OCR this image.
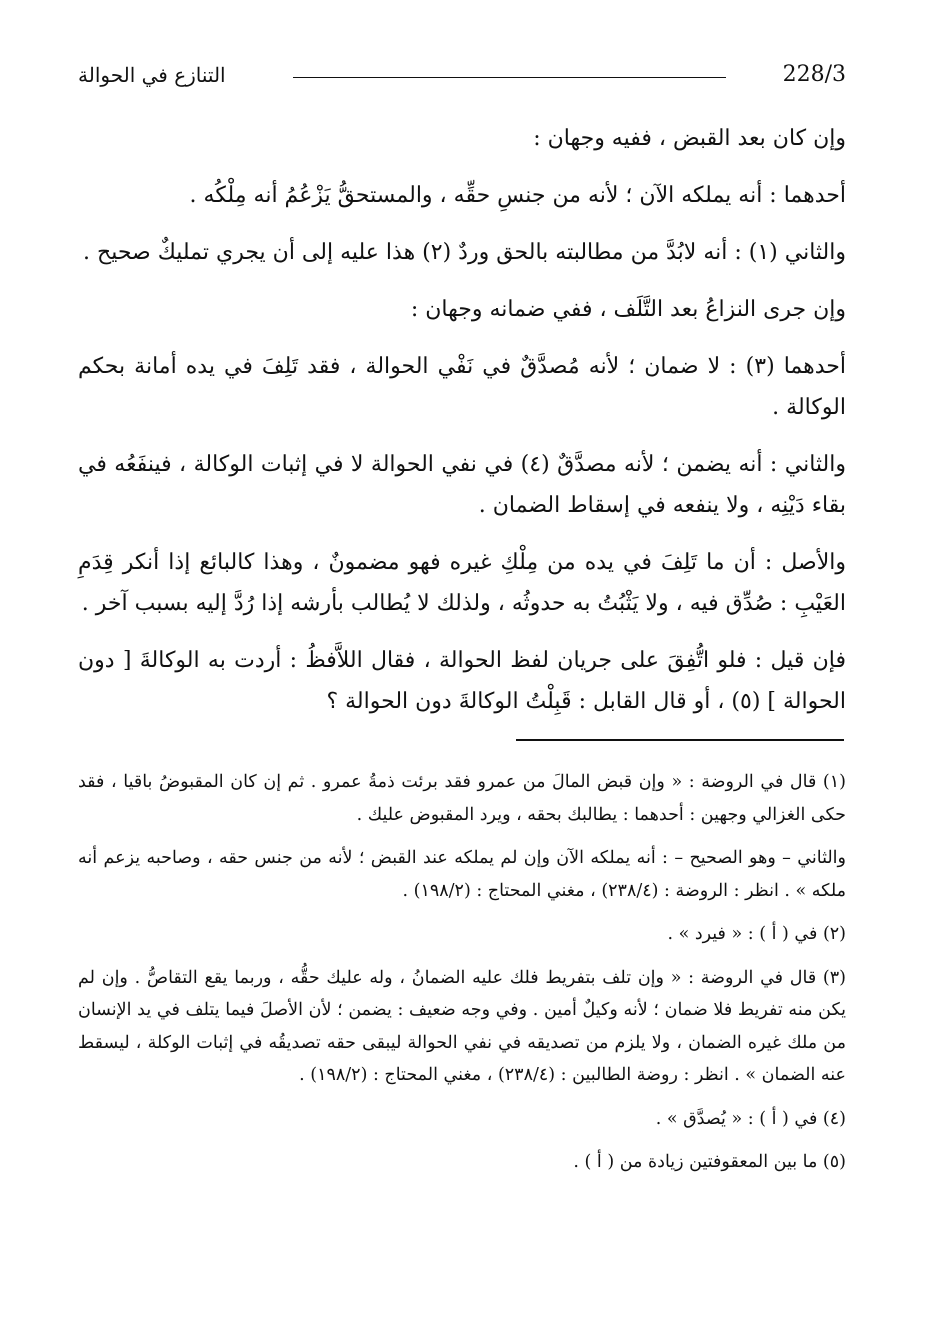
228/3
التنازع في الحوالة

وإن كان بعد القبض ، ففيه وجهان :

أحدهما : أنه يملكه الآن ؛ لأنه من جنسِ حقِّه ، والمستحقُّ يَزْعُمُ أنه مِلْكُه .

والثاني (١) : أنه لابُدَّ من مطالبته بالحق وردٌ (٢) هذا عليه إلى أن يجري تمليكٌ صحيح .

وإن جرى النزاعُ بعد التَّلَف ، ففي ضمانه وجهان :

أحدهما (٣) : لا ضمان ؛ لأنه مُصدَّقٌ في نَفْي الحوالة ، فقد تَلِفَ في يده أمانة بحكم الوكالة .

والثاني : أنه يضمن ؛ لأنه مصدَّقٌ (٤) في نفي الحوالة لا في إثبات الوكالة ، فينفَعُه في بقاء دَيْنِه ، ولا ينفعه في إسقاط الضمان .

والأصل : أن ما تَلِفَ في يده من مِلْكِ غيره فهو مضمونٌ ، وهذا كالبائع إذا أنكر قِدَمِ العَيْبِ : صُدِّق فيه ، ولا يَثْبُتُ به حدوثُه ، ولذلك لا يُطالب بأرشه إذا رُدَّ إليه بسبب آخر .

فإن قيل : فلو اتُّفِقَ على جريان لفظ الحوالة ، فقال اللاَّفظُ : أردت به الوكالةَ [ دون الحوالة ] (٥) ، أو قال القابل : قَبِلْتُ الوكالةَ دون الحوالة ؟

(١) قال في الروضة : « وإن قبض المالَ من عمرو فقد برئت ذمةُ عمرو . ثم إن كان المقبوضُ باقيا ، فقد حكى الغزالي وجهين : أحدهما : يطالبك بحقه ، ويرد المقبوض عليك .

والثاني – وهو الصحيح – : أنه يملكه الآن وإن لم يملكه عند القبض ؛ لأنه من جنس حقه ، وصاحبه يزعم أنه ملكه » . انظر : الروضة : (٢٣٨/٤) ، مغني المحتاج : (١٩٨/٢) .

(٢) في ( أ ) : « فيرد » .

(٣) قال في الروضة : « وإن تلف بتفريط فلك عليه الضمانُ ، وله عليك حقُّه ، وربما يقع التقاصُّ . وإن لم يكن منه تفريط فلا ضمان ؛ لأنه وكيلٌ أمين . وفي وجه ضعيف : يضمن ؛ لأن الأصلَ فيما يتلف في يد الإنسان من ملك غيره الضمان ، ولا يلزم من تصديقه في نفي الحوالة ليبقى حقه تصديقُه في إثبات الوكلة ، ليسقط عنه الضمان » . انظر : روضة الطالبين : (٢٣٨/٤) ، مغني المحتاج : (١٩٨/٢) .

(٤) في ( أ ) : « يُصدَّق » .

(٥) ما بين المعقوفتين زيادة من ( أ ) .
